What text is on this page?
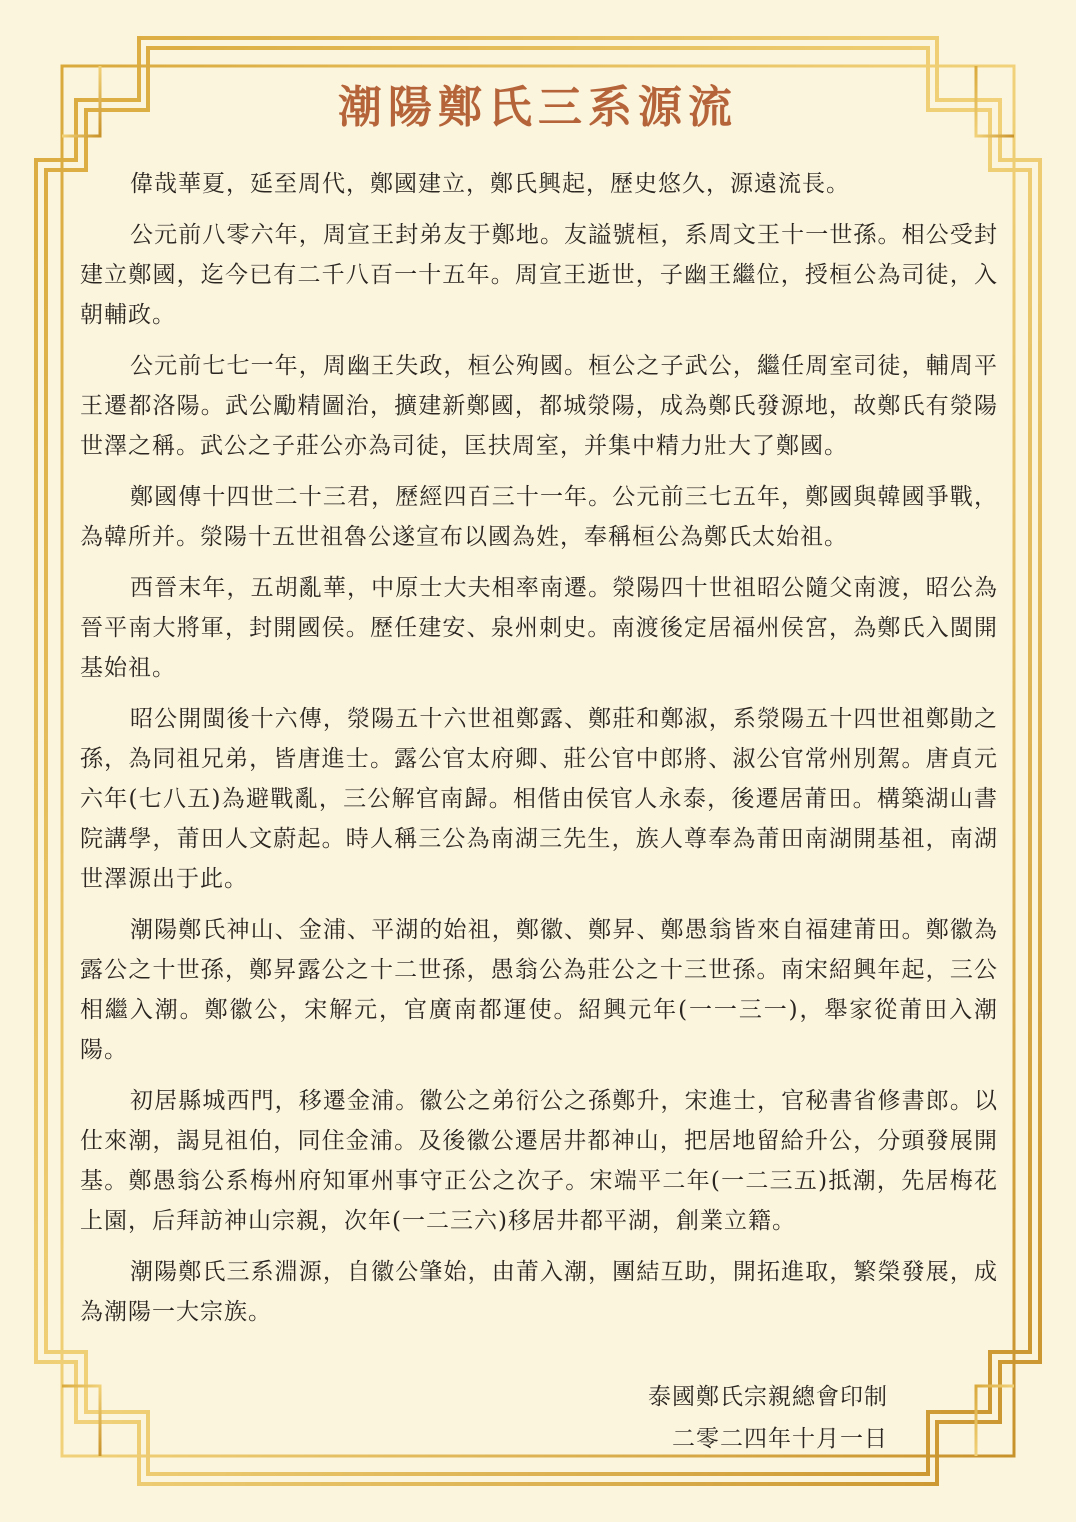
潮陽鄭氏三系源流

偉哉華夏，延至周代，鄭國建立，鄭氏興起，歷史悠久，源遠流長。

公元前八零六年，周宣王封弟友于鄭地。友謚號桓，系周文王十一世孫。相公受封建立鄭國，迄今已有二千八百一十五年。周宣王逝世，子幽王繼位，授桓公為司徒，入朝輔政。

公元前七七一年，周幽王失政，桓公殉國。桓公之子武公，繼任周室司徒，輔周平王遷都洛陽。武公勵精圖治，擴建新鄭國，都城滎陽，成為鄭氏發源地，故鄭氏有滎陽世澤之稱。武公之子莊公亦為司徒，匡扶周室，并集中精力壯大了鄭國。

鄭國傳十四世二十三君，歷經四百三十一年。公元前三七五年，鄭國與韓國爭戰，為韓所并。滎陽十五世祖魯公遂宣布以國為姓，奉稱桓公為鄭氏太始祖。

西晉末年，五胡亂華，中原士大夫相率南遷。滎陽四十世祖昭公隨父南渡，昭公為晉平南大將軍，封開國侯。歷任建安、泉州刺史。南渡後定居福州侯宮，為鄭氏入閩開基始祖。

昭公開閩後十六傳，滎陽五十六世祖鄭露、鄭莊和鄭淑，系滎陽五十四世祖鄭勛之孫，為同祖兄弟，皆唐進士。露公官太府卿、莊公官中郎將、淑公官常州別駕。唐貞元六年(七八五)為避戰亂，三公解官南歸。相偕由侯官人永泰，後遷居莆田。構築湖山書院講學，莆田人文蔚起。時人稱三公為南湖三先生，族人尊奉為莆田南湖開基祖，南湖世澤源出于此。

潮陽鄭氏神山、金浦、平湖的始祖，鄭徽、鄭昇、鄭愚翁皆來自福建莆田。鄭徽為露公之十世孫，鄭昇露公之十二世孫，愚翁公為莊公之十三世孫。南宋紹興年起，三公相繼入潮。鄭徽公，宋解元，官廣南都運使。紹興元年(一一三一)，舉家從莆田入潮陽。

初居縣城西門，移遷金浦。徽公之弟衍公之孫鄭升，宋進士，官秘書省修書郎。以仕來潮，謁見祖伯，同住金浦。及後徽公遷居井都神山，把居地留給升公，分頭發展開基。鄭愚翁公系梅州府知軍州事守正公之次子。宋端平二年(一二三五)抵潮，先居梅花上園，后拜訪神山宗親，次年(一二三六)移居井都平湖，創業立籍。

潮陽鄭氏三系淵源，自徽公肇始，由莆入潮，團結互助，開拓進取，繁榮發展，成為潮陽一大宗族。

泰國鄭氏宗親總會印制
二零二四年十月一日
